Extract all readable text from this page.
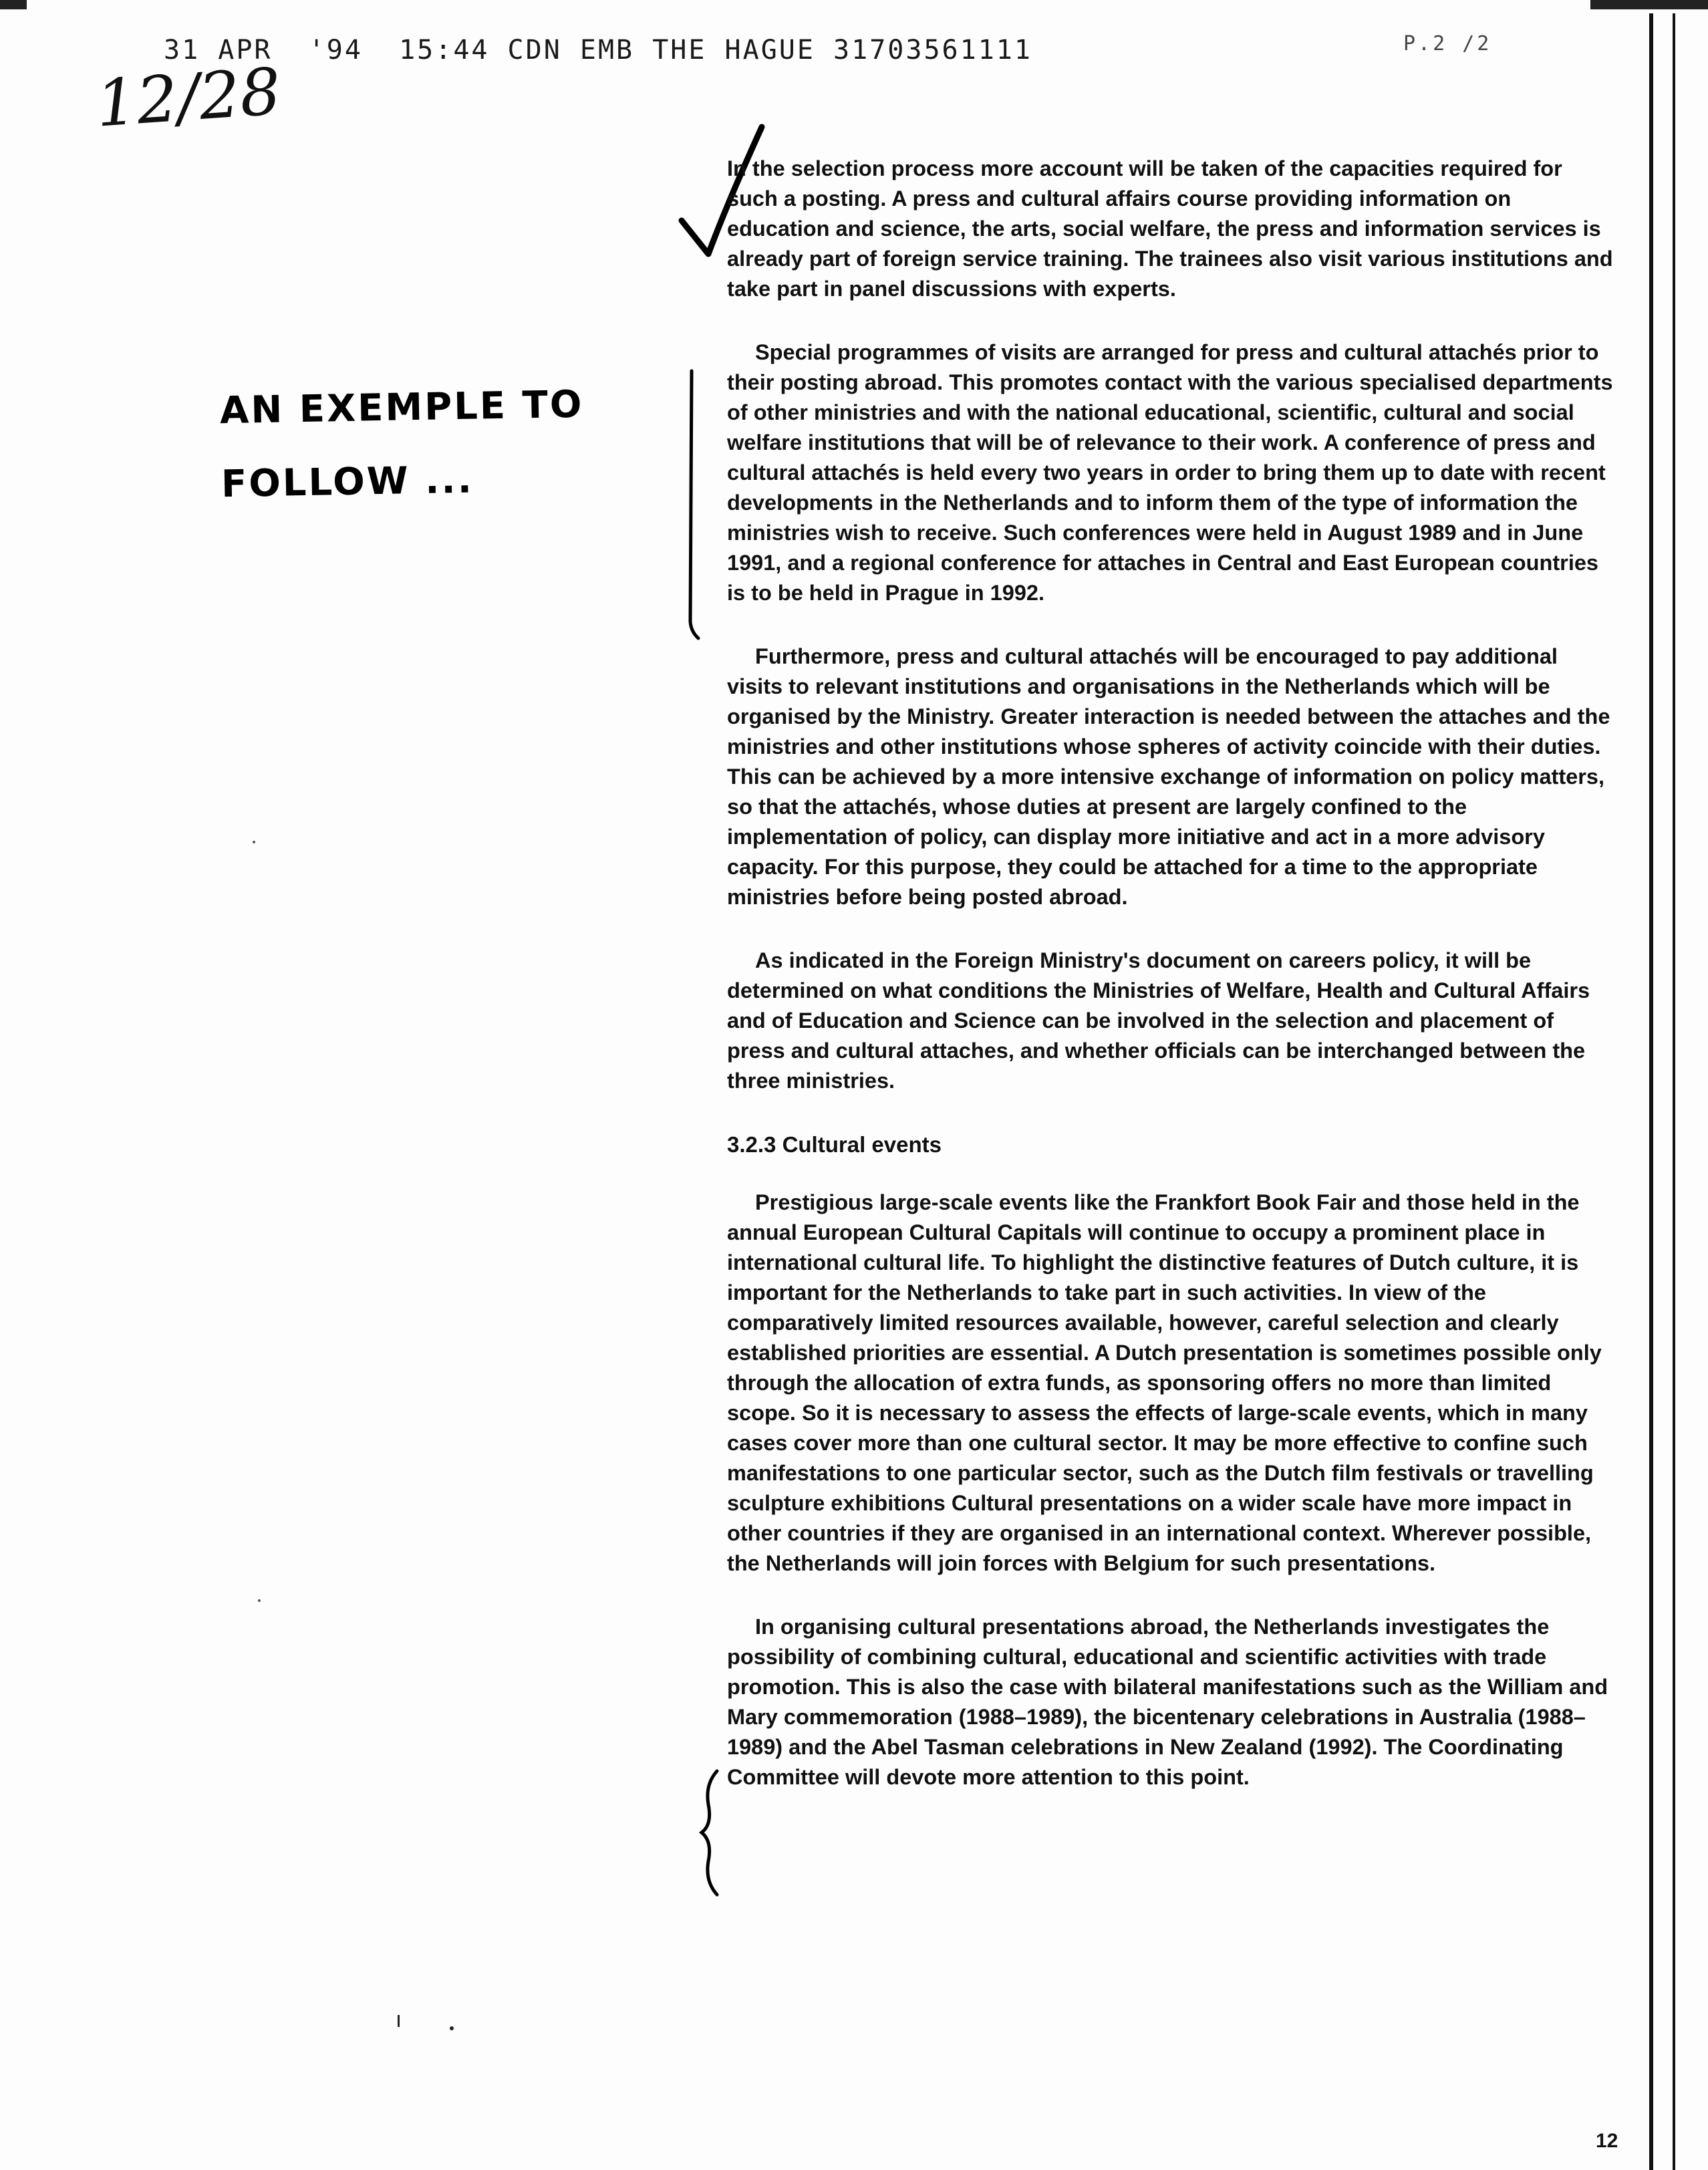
31 APR  '94  15:44 CDN EMB THE HAGUE 31703561111	P.2 /2
12/28
AN EXEMPLE TO
FOLLOW ...

In the selection process more account will be taken of the capacities required for such a posting. A press and cultural affairs course providing information on education and science, the arts, social welfare, the press and information services is already part of foreign service training. The trainees also visit various institutions and take part in panel discussions with experts.

Special programmes of visits are arranged for press and cultural attachés prior to their posting abroad. This promotes contact with the various specialised departments of other ministries and with the national educational, scientific, cultural and social welfare institutions that will be of relevance to their work. A conference of press and cultural attachés is held every two years in order to bring them up to date with recent developments in the Netherlands and to inform them of the type of information the ministries wish to receive. Such conferences were held in August 1989 and in June 1991, and a regional conference for attaches in Central and East European countries is to be held in Prague in 1992.

Furthermore, press and cultural attachés will be encouraged to pay additional visits to relevant institutions and organisations in the Netherlands which will be organised by the Ministry. Greater interaction is needed between the attaches and the ministries and other institutions whose spheres of activity coincide with their duties. This can be achieved by a more intensive exchange of information on policy matters, so that the attachés, whose duties at present are largely confined to the implementation of policy, can display more initiative and act in a more advisory capacity. For this purpose, they could be attached for a time to the appropriate ministries before being posted abroad.

As indicated in the Foreign Ministry's document on careers policy, it will be determined on what conditions the Ministries of Welfare, Health and Cultural Affairs and of Education and Science can be involved in the selection and placement of press and cultural attaches, and whether officials can be interchanged between the three ministries.

3.2.3 Cultural events

Prestigious large-scale events like the Frankfort Book Fair and those held in the annual European Cultural Capitals will continue to occupy a prominent place in international cultural life. To highlight the distinctive features of Dutch culture, it is important for the Netherlands to take part in such activities. In view of the comparatively limited resources available, however, careful selection and clearly established priorities are essential. A Dutch presentation is sometimes possible only through the allocation of extra funds, as sponsoring offers no more than limited scope. So it is necessary to assess the effects of large-scale events, which in many cases cover more than one cultural sector. It may be more effective to confine such manifestations to one particular sector, such as the Dutch film festivals or travelling sculpture exhibitions Cultural presentations on a wider scale have more impact in other countries if they are organised in an international context. Wherever possible, the Netherlands will join forces with Belgium for such presentations.

In organising cultural presentations abroad, the Netherlands investigates the possibility of combining cultural, educational and scientific activities with trade promotion. This is also the case with bilateral manifestations such as the William and Mary commemoration (1988–1989), the bicentenary celebrations in Australia (1988–1989) and the Abel Tasman celebrations in New Zealand (1992). The Coordinating Committee will devote more attention to this point.

12
